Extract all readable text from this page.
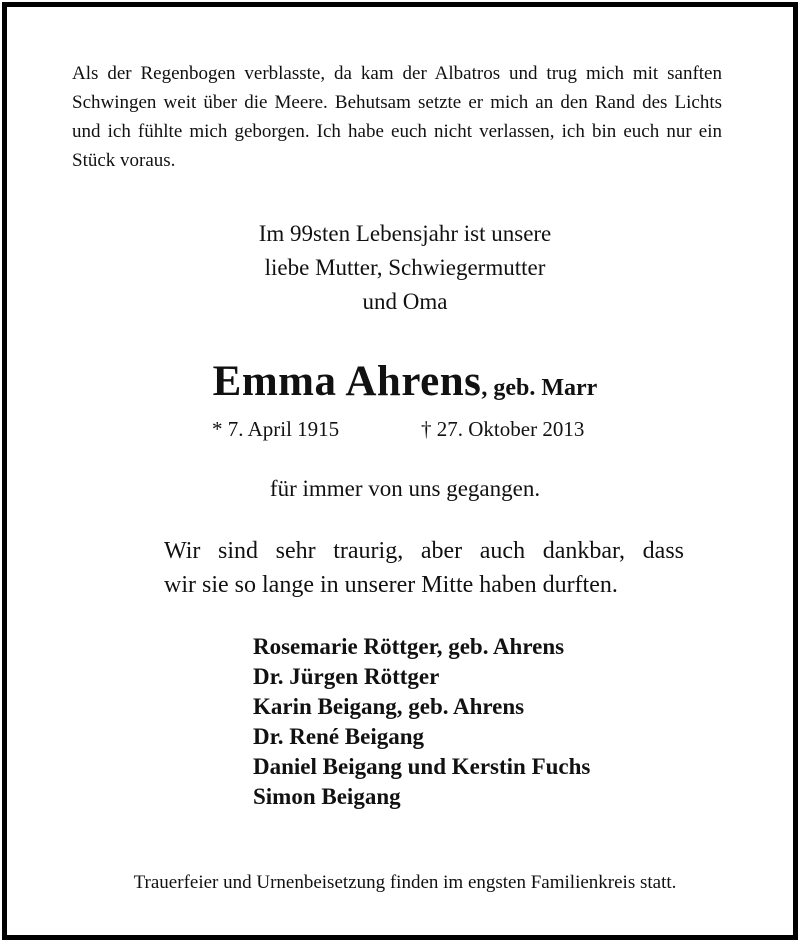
Als der Regenbogen verblasste, da kam der Albatros und trug mich mit sanften Schwingen weit über die Meere. Behutsam setzte er mich an den Rand des Lichts und ich fühlte mich geborgen. Ich habe euch nicht verlassen, ich bin euch nur ein Stück voraus.
Im 99sten Lebensjahr ist unsere
liebe Mutter, Schwiegermutter
und Oma
Emma Ahrens, geb. Marr
* 7. April 1915	† 27. Oktober 2013
für immer von uns gegangen.
Wir sind sehr traurig, aber auch dankbar, dass
wir sie so lange in unserer Mitte haben durften.
Rosemarie Röttger, geb. Ahrens
Dr. Jürgen Röttger
Karin Beigang, geb. Ahrens
Dr. René Beigang
Daniel Beigang und Kerstin Fuchs
Simon Beigang
Trauerfeier und Urnenbeisetzung finden im engsten Familienkreis statt.
